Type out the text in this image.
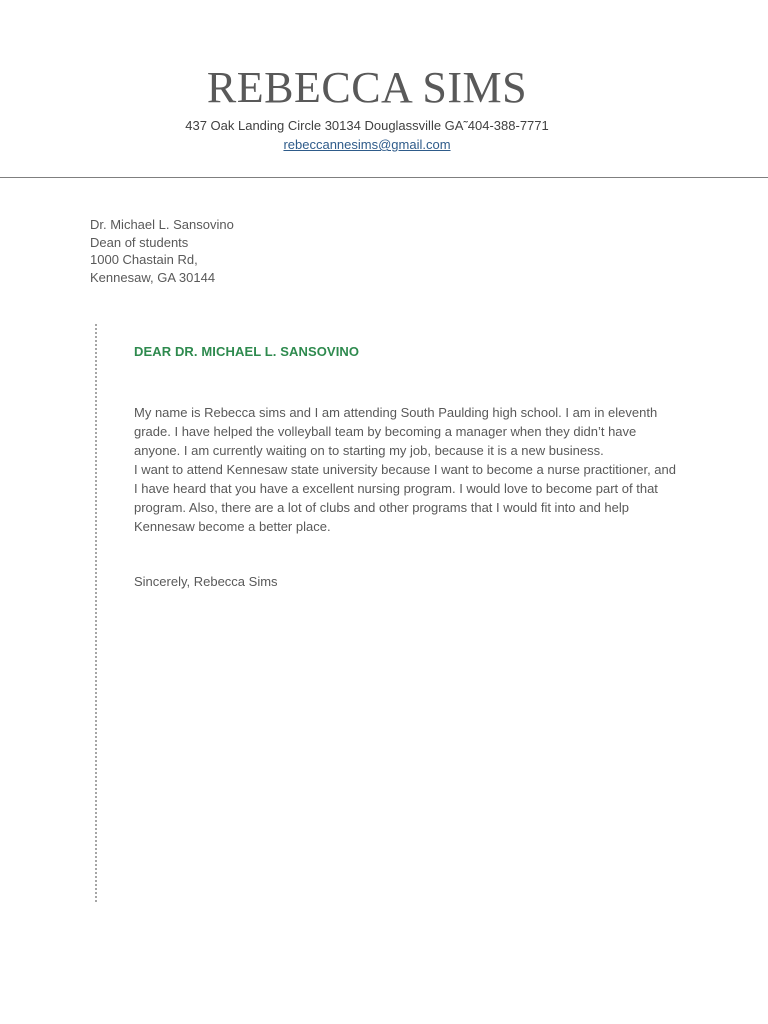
REBECCA SIMS
437 Oak Landing Circle 30134 Douglassville GA˜404-388-7771
rebeccannesims@gmail.com
Dr. Michael L. Sansovino
Dean of students
1000 Chastain Rd,
Kennesaw, GA 30144
DEAR DR. MICHAEL L. SANSOVINO

My name is Rebecca sims and I am attending South Paulding high school. I am in eleventh grade. I have helped the volleyball team by becoming a manager when they didn’t have anyone. I am currently waiting on to starting my job, because it is a new business.

I want to attend Kennesaw state university because I want to become a nurse practitioner, and I have heard that you have a excellent nursing program. I would love to become part of that program. Also, there are a lot of clubs and other programs that I would fit into and help Kennesaw become a better place.

Sincerely, Rebecca Sims
